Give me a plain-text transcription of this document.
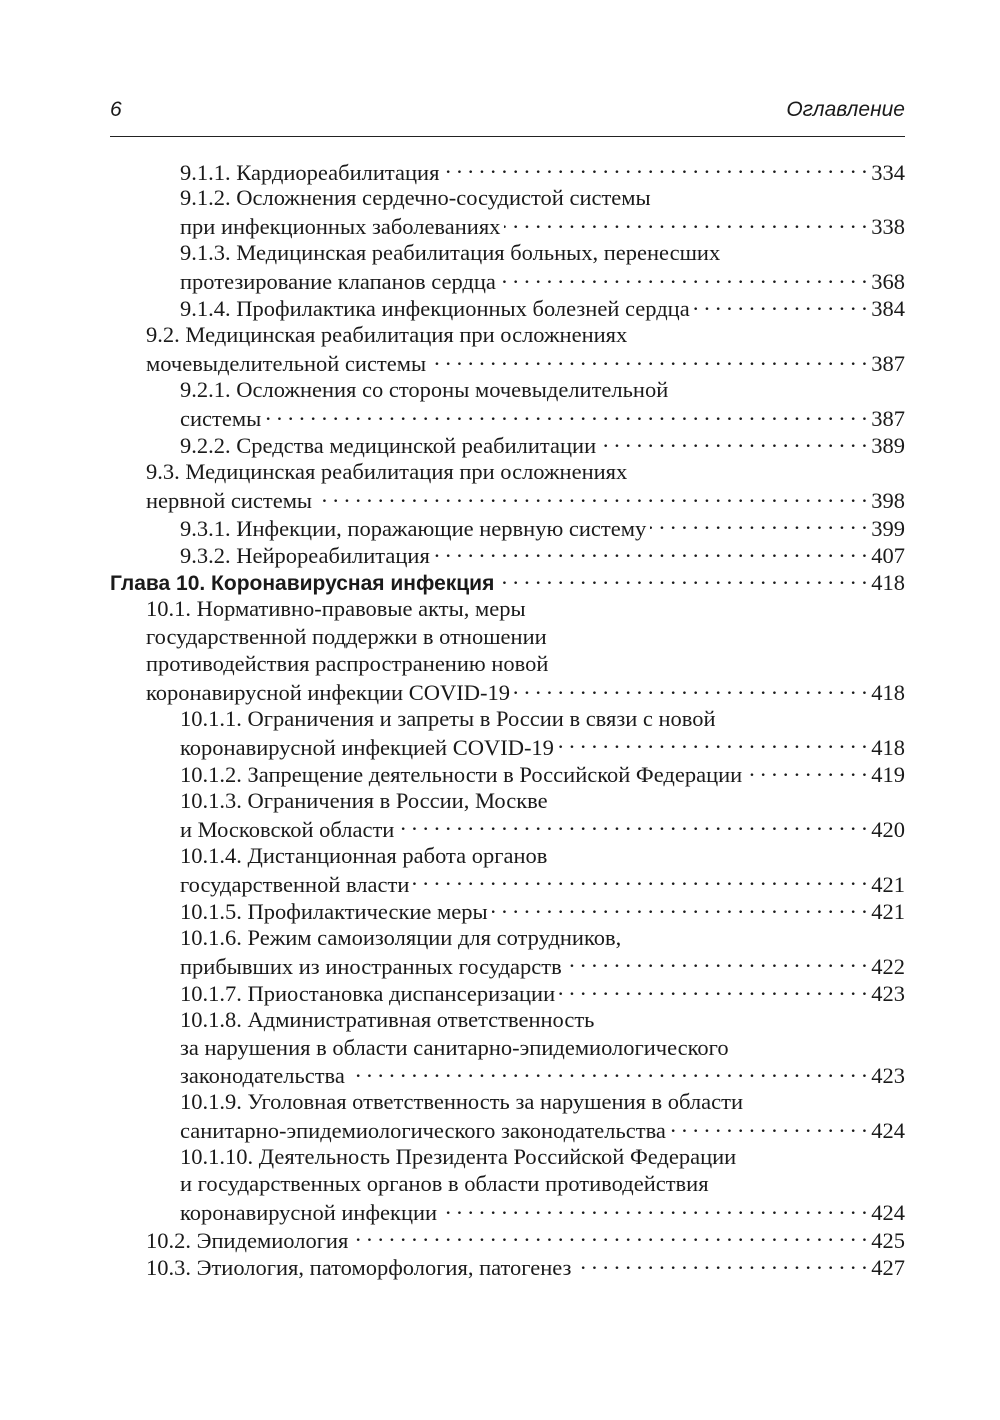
6	Оглавление
9.1.1. Кардиореабилитация . . .	334
9.1.2. Осложнения сердечно-сосудистой системы
при инфекционных заболеваниях . . .	338
9.1.3. Медицинская реабилитация больных, перенесших
протезирование клапанов сердца . . .	368
9.1.4. Профилактика инфекционных болезней сердца . . .	384
9.2. Медицинская реабилитация при осложнениях
мочевыделительной системы . . .	387
9.2.1. Осложнения со стороны мочевыделительной
системы . . .	387
9.2.2. Средства медицинской реабилитации . . .	389
9.3. Медицинская реабилитация при осложнениях
нервной системы . . .	398
9.3.1. Инфекции, поражающие нервную систему . . .	399
9.3.2. Нейрореабилитация . . .	407
Глава 10. Коронавирусная инфекция . . .	418
10.1. Нормативно-правовые акты, меры
государственной поддержки в отношении
противодействия распространению новой
коронавирусной инфекции COVID-19 . . .	418
10.1.1. Ограничения и запреты в России в связи с новой
коронавирусной инфекцией COVID-19 . . .	418
10.1.2. Запрещение деятельности в Российской Федерации . . .	419
10.1.3. Ограничения в России, Москве
и Московской области . . .	420
10.1.4. Дистанционная работа органов
государственной власти . . .	421
10.1.5. Профилактические меры . . .	421
10.1.6. Режим самоизоляции для сотрудников,
прибывших из иностранных государств . . .	422
10.1.7. Приостановка диспансеризации . . .	423
10.1.8. Административная ответственность
за нарушения в области санитарно-эпидемиологического
законодательства . . .	423
10.1.9. Уголовная ответственность за нарушения в области
санитарно-эпидемиологического законодательства . . .	424
10.1.10. Деятельность Президента Российской Федерации
и государственных органов в области противодействия
коронавирусной инфекции . . .	424
10.2. Эпидемиология . . .	425
10.3. Этиология, патоморфология, патогенез . . .	427
